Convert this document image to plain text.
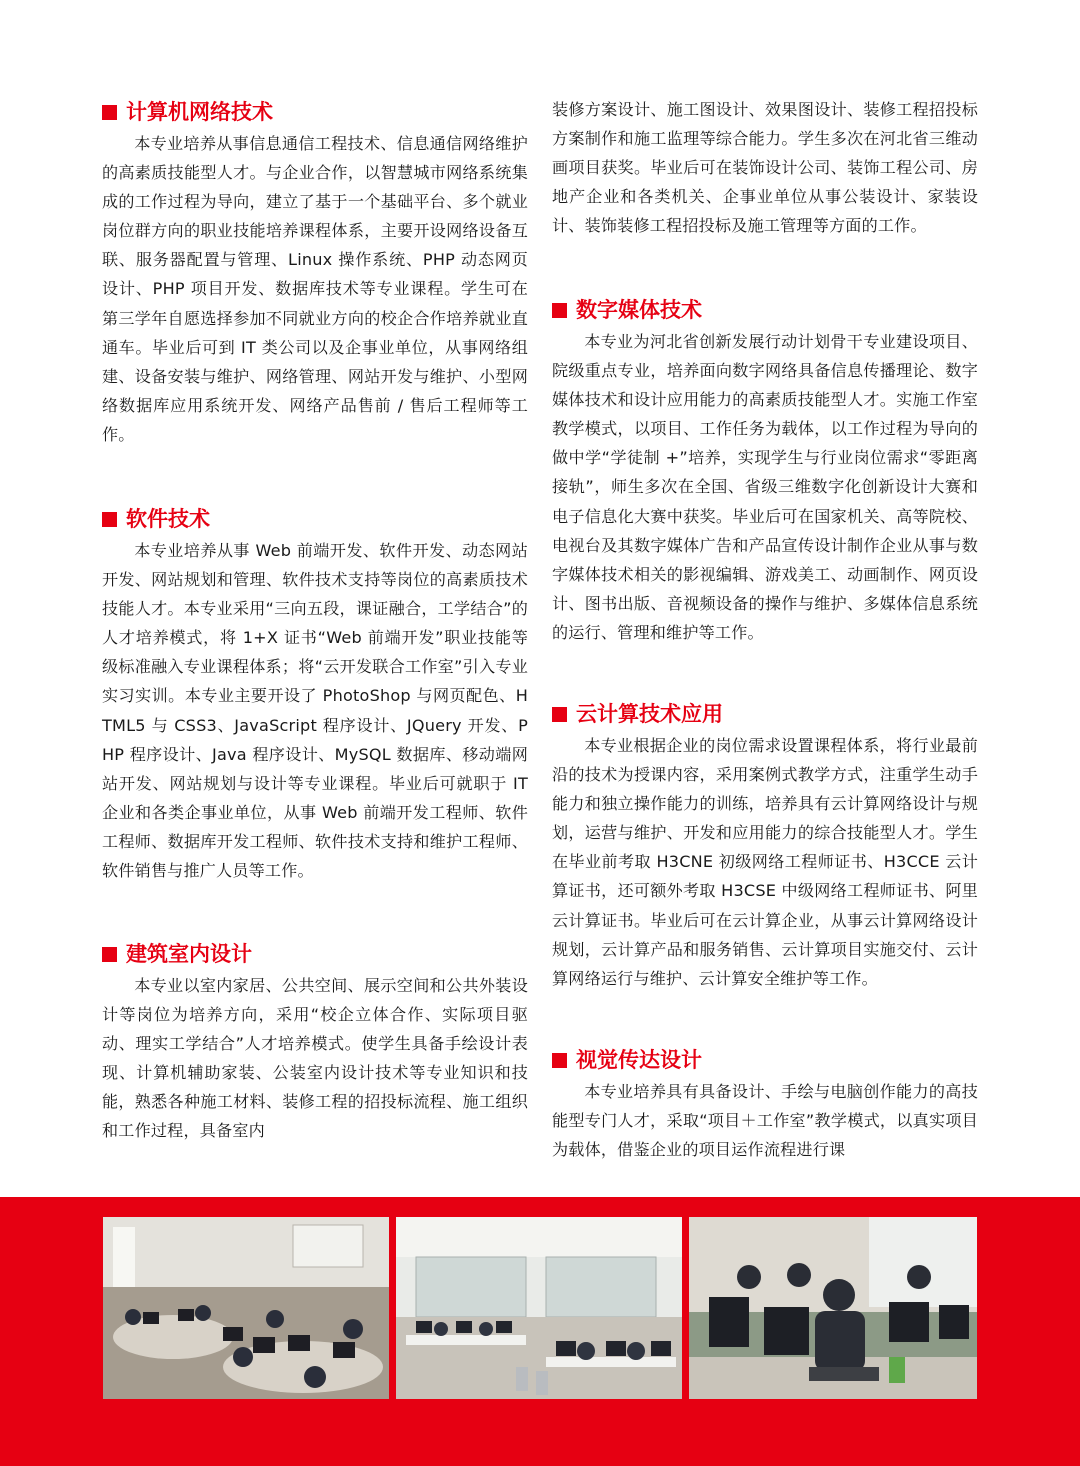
计算机网络技术

本专业培养从事信息通信工程技术、信息通信网络维护的高素质技能型人才。与企业合作，以智慧城市网络系统集成的工作过程为导向，建立了基于一个基础平台、多个就业岗位群方向的职业技能培养课程体系，主要开设网络设备互联、服务器配置与管理、Linux 操作系统、PHP 动态网页设计、PHP 项目开发、数据库技术等专业课程。学生可在第三学年自愿选择参加不同就业方向的校企合作培养就业直通车。毕业后可到 IT 类公司以及企事业单位，从事网络组建、设备安装与维护、网络管理、网站开发与维护、小型网络数据库应用系统开发、网络产品售前 / 售后工程师等工作。

软件技术

本专业培养从事 Web 前端开发、软件开发、动态网站开发、网站规划和管理、软件技术支持等岗位的高素质技术技能人才。本专业采用“三向五段，课证融合，工学结合”的人才培养模式，将 1+X 证书“Web 前端开发”职业技能等级标准融入专业课程体系；将“云开发联合工作室”引入专业实习实训。本专业主要开设了 PhotoShop 与网页配色、HTML5 与 CSS3、JavaScript 程序设计、JQuery 开发、PHP 程序设计、Java 程序设计、MySQL 数据库、移动端网站开发、网站规划与设计等专业课程。毕业后可就职于 IT 企业和各类企事业单位，从事 Web 前端开发工程师、软件工程师、数据库开发工程师、软件技术支持和维护工程师、软件销售与推广人员等工作。

建筑室内设计

本专业以室内家居、公共空间、展示空间和公共外装设计等岗位为培养方向，采用“校企立体合作、实际项目驱动、理实工学结合”人才培养模式。使学生具备手绘设计表现、计算机辅助家装、公装室内设计技术等专业知识和技能，熟悉各种施工材料、装修工程的招投标流程、施工组织和工作过程，具备室内

装修方案设计、施工图设计、效果图设计、装修工程招投标方案制作和施工监理等综合能力。学生多次在河北省三维动画项目获奖。毕业后可在装饰设计公司、装饰工程公司、房地产企业和各类机关、企事业单位从事公装设计、家装设计、装饰装修工程招投标及施工管理等方面的工作。

数字媒体技术

本专业为河北省创新发展行动计划骨干专业建设项目、院级重点专业，培养面向数字网络具备信息传播理论、数字媒体技术和设计应用能力的高素质技能型人才。实施工作室教学模式，以项目、工作任务为载体，以工作过程为导向的做中学“学徒制 +”培养，实现学生与行业岗位需求“零距离接轨”，师生多次在全国、省级三维数字化创新设计大赛和电子信息化大赛中获奖。毕业后可在国家机关、高等院校、电视台及其数字媒体广告和产品宣传设计制作企业从事与数字媒体技术相关的影视编辑、游戏美工、动画制作、网页设计、图书出版、音视频设备的操作与维护、多媒体信息系统的运行、管理和维护等工作。

云计算技术应用

本专业根据企业的岗位需求设置课程体系，将行业最前沿的技术为授课内容，采用案例式教学方式，注重学生动手能力和独立操作能力的训练，培养具有云计算网络设计与规划，运营与维护、开发和应用能力的综合技能型人才。学生在毕业前考取 H3CNE 初级网络工程师证书、H3CCE 云计算证书，还可额外考取 H3CSE 中级网络工程师证书、阿里云计算证书。毕业后可在云计算企业，从事云计算网络设计规划，云计算产品和服务销售、云计算项目实施交付、云计算网络运行与维护、云计算安全维护等工作。

视觉传达设计

本专业培养具有具备设计、手绘与电脑创作能力的高技能型专门人才，采取“项目＋工作室”教学模式，以真实项目为载体，借鉴企业的项目运作流程进行课
